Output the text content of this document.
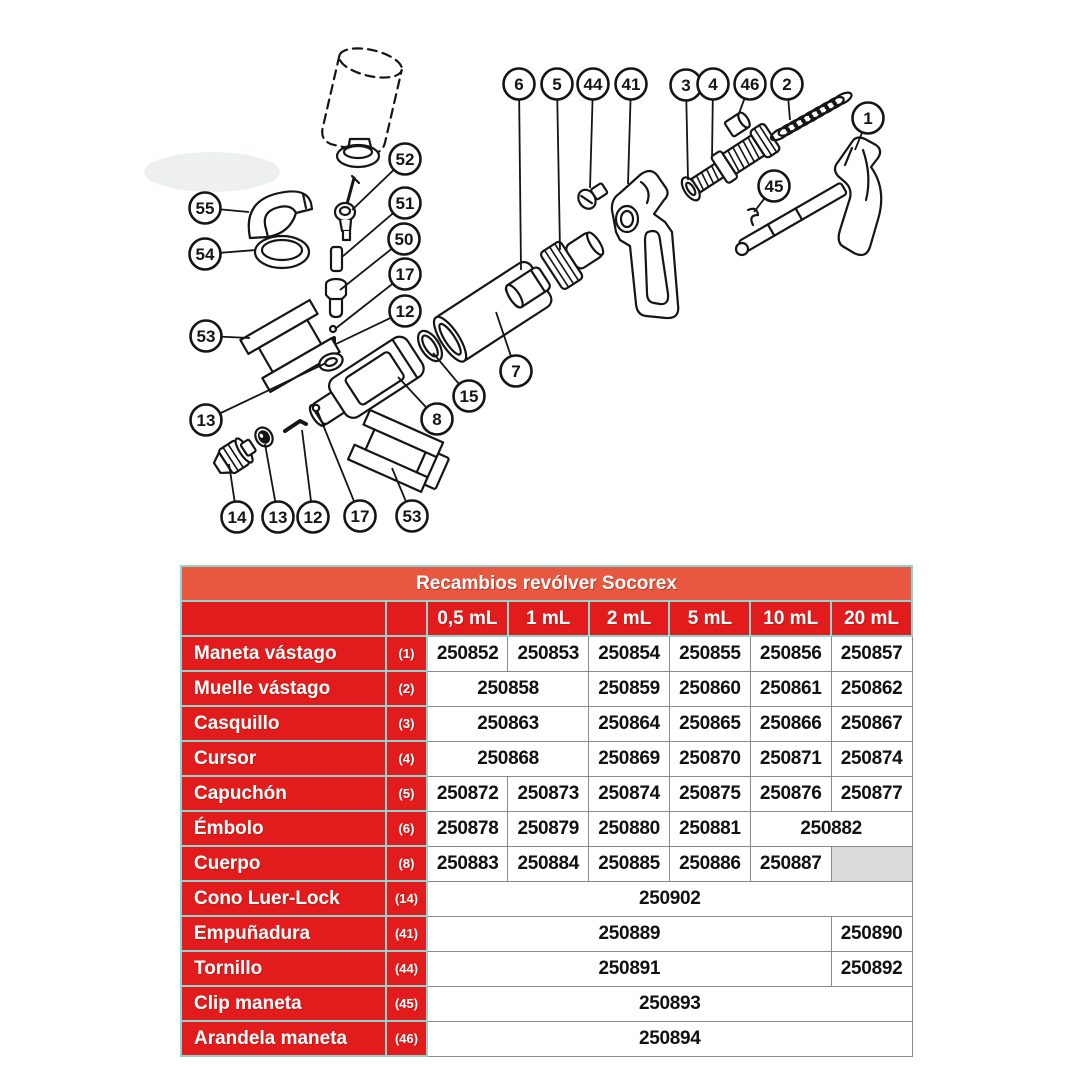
6 5 44 41 3 4 46 2
1
45
52
51
50
17
12
55
54
53
13
7
15
8
14 13 12 17 53
Recambios revólver Socorex							
		0,5 mL	1 mL	2 mL	5 mL	10 mL	20 mL
Maneta vástago	(1)	250852	250853	250854	250855	250856	250857
Muelle vástago	(2)	250858		250859	250860	250861	250862
Casquillo	(3)	250863		250864	250865	250866	250867
Cursor	(4)	250868		250869	250870	250871	250874
Capuchón	(5)	250872	250873	250874	250875	250876	250877
Émbolo	(6)	250878	250879	250880	250881	250882	
Cuerpo	(8)	250883	250884	250885	250886	250887	
Cono Luer-Lock	(14)	250902					
Empuñadura	(41)	250889					250890
Tornillo	(44)	250891					250892
Clip maneta	(45)	250893					
Arandela maneta	(46)	250894					
